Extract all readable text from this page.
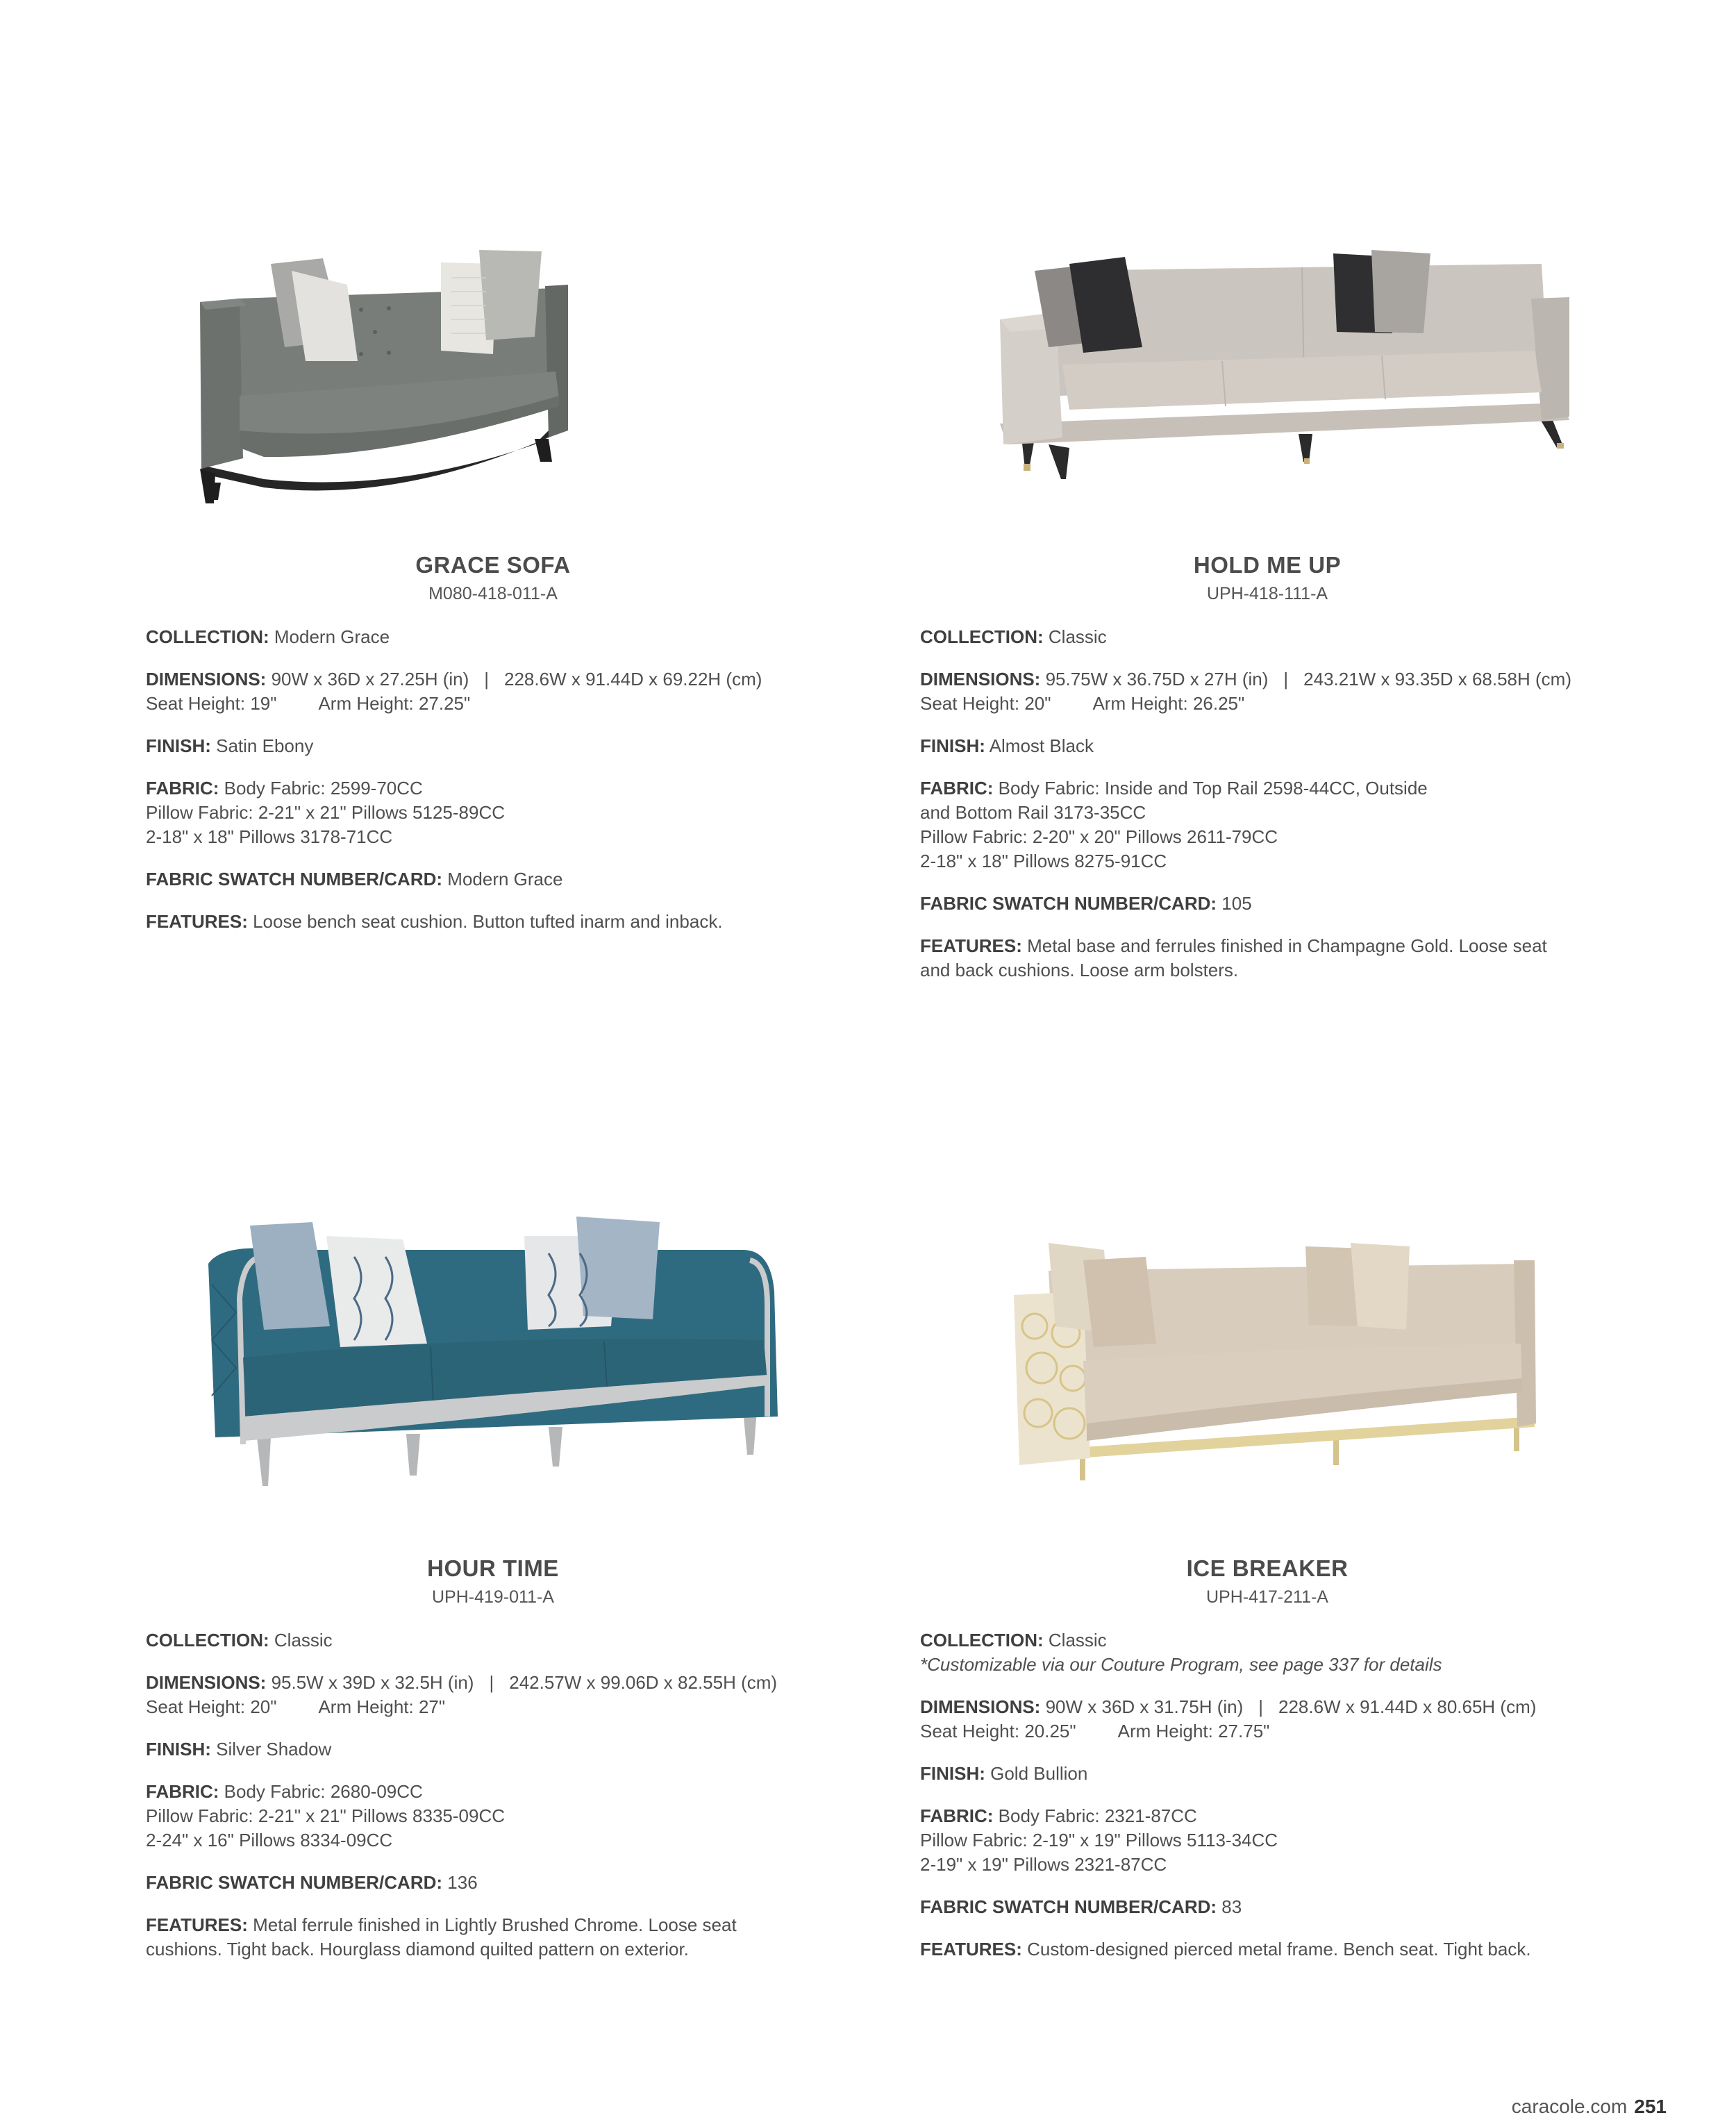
GRACE SOFA
M080-418-011-A
COLLECTION: Modern Grace
DIMENSIONS: 90W x 36D x 27.25H (in) | 228.6W x 91.44D x 69.22H (cm)
Seat Height: 19" Arm Height: 27.25"
FINISH: Satin Ebony
FABRIC: Body Fabric: 2599-70CC
Pillow Fabric: 2-21" x 21" Pillows 5125-89CC
2-18" x 18" Pillows 3178-71CC
FABRIC SWATCH NUMBER/CARD: Modern Grace
FEATURES: Loose bench seat cushion. Button tufted inarm and inback.
HOLD ME UP
UPH-418-111-A
COLLECTION: Classic
DIMENSIONS: 95.75W x 36.75D x 27H (in) | 243.21W x 93.35D x 68.58H (cm)
Seat Height: 20" Arm Height: 26.25"
FINISH: Almost Black
FABRIC: Body Fabric: Inside and Top Rail 2598-44CC, Outside
and Bottom Rail 3173-35CC
Pillow Fabric: 2-20" x 20" Pillows 2611-79CC
2-18" x 18" Pillows 8275-91CC
FABRIC SWATCH NUMBER/CARD: 105
FEATURES: Metal base and ferrules finished in Champagne Gold. Loose seat
and back cushions. Loose arm bolsters.
HOUR TIME
UPH-419-011-A
COLLECTION: Classic
DIMENSIONS: 95.5W x 39D x 32.5H (in) | 242.57W x 99.06D x 82.55H (cm)
Seat Height: 20" Arm Height: 27"
FINISH: Silver Shadow
FABRIC: Body Fabric: 2680-09CC
Pillow Fabric: 2-21" x 21" Pillows 8335-09CC
2-24" x 16" Pillows 8334-09CC
FABRIC SWATCH NUMBER/CARD: 136
FEATURES: Metal ferrule finished in Lightly Brushed Chrome. Loose seat
cushions. Tight back. Hourglass diamond quilted pattern on exterior.
ICE BREAKER
UPH-417-211-A
COLLECTION: Classic
*Customizable via our Couture Program, see page 337 for details
DIMENSIONS: 90W x 36D x 31.75H (in) | 228.6W x 91.44D x 80.65H (cm)
Seat Height: 20.25" Arm Height: 27.75"
FINISH: Gold Bullion
FABRIC: Body Fabric: 2321-87CC
Pillow Fabric: 2-19" x 19" Pillows 5113-34CC
2-19" x 19" Pillows 2321-87CC
FABRIC SWATCH NUMBER/CARD: 83
FEATURES: Custom-designed pierced metal frame. Bench seat. Tight back.
caracole.com 251
